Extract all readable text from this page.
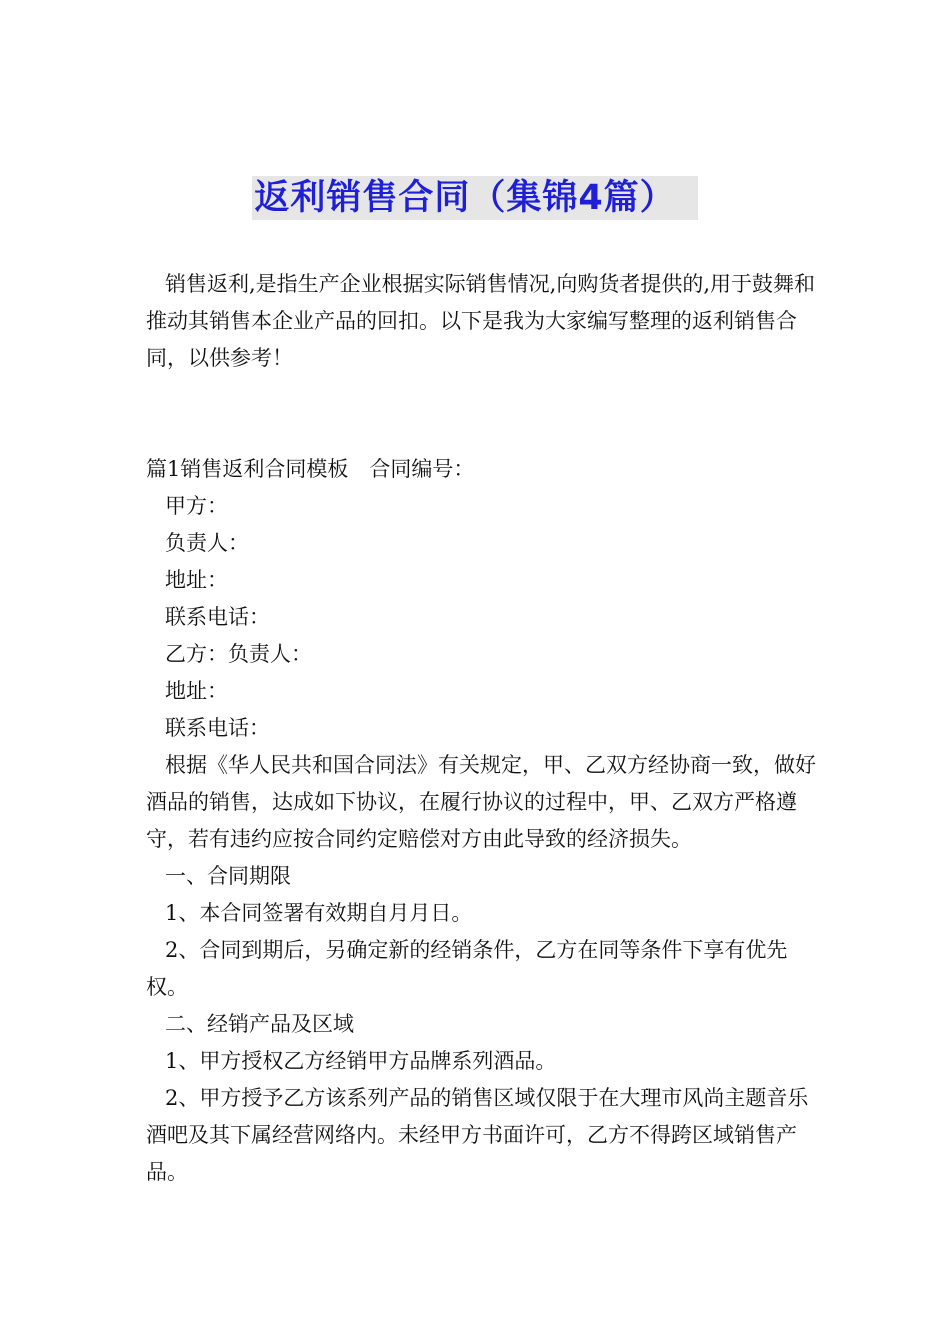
返利销售合同（集锦4篇）

销售返利,是指生产企业根据实际销售情况,向购货者提供的,用于鼓舞和推动其销售本企业产品的回扣。以下是我为大家编写整理的返利销售合同，以供参考！

篇1销售返利合同模板　合同编号：

甲方：

负责人：

地址：

联系电话：

乙方：负责人：

地址：

联系电话：

根据《华人民共和国合同法》有关规定，甲、乙双方经协商一致，做好酒品的销售，达成如下协议，在履行协议的过程中，甲、乙双方严格遵守，若有违约应按合同约定赔偿对方由此导致的经济损失。

一、合同期限

1、本合同签署有效期自月月日。

2、合同到期后，另确定新的经销条件，乙方在同等条件下享有优先权。

二、经销产品及区域

1、甲方授权乙方经销甲方品牌系列酒品。

2、甲方授予乙方该系列产品的销售区域仅限于在大理市风尚主题音乐酒吧及其下属经营网络内。未经甲方书面许可，乙方不得跨区域销售产品。
